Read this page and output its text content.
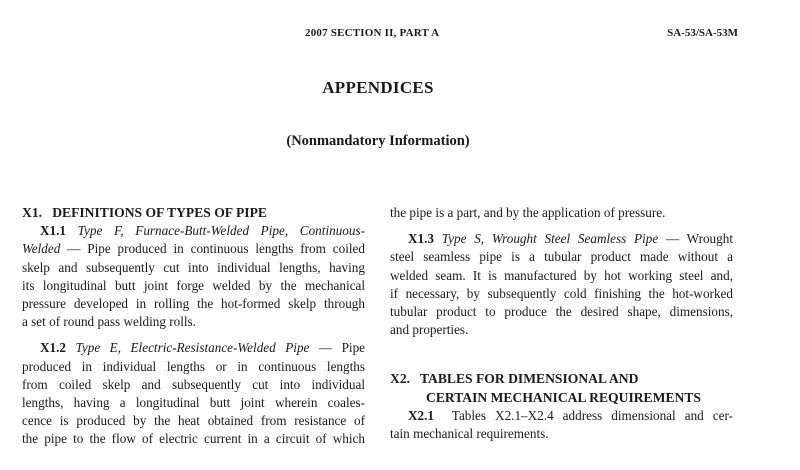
2007 SECTION II, PART A	SA-53/SA-53M
APPENDICES
(Nonmandatory Information)
X1.   DEFINITIONS OF TYPES OF PIPE
X1.1 Type F, Furnace-Butt-Welded Pipe, Continuous-
Welded — Pipe produced in continuous lengths from coiled
skelp and subsequently cut into individual lengths, having
its longitudinal butt joint forge welded by the mechanical
pressure developed in rolling the hot-formed skelp through
a set of round pass welding rolls.
X1.2 Type E, Electric-Resistance-Welded Pipe — Pipe
produced in individual lengths or in continuous lengths
from coiled skelp and subsequently cut into individual
lengths, having a longitudinal butt joint wherein coales-
cence is produced by the heat obtained from resistance of
the pipe to the flow of electric current in a circuit of which
the pipe is a part, and by the application of pressure.
X1.3 Type S, Wrought Steel Seamless Pipe — Wrought
steel seamless pipe is a tubular product made without a
welded seam. It is manufactured by hot working steel and,
if necessary, by subsequently cold finishing the hot-worked
tubular product to produce the desired shape, dimensions,
and properties.
X2.   TABLES FOR DIMENSIONAL AND
CERTAIN MECHANICAL REQUIREMENTS
X2.1  Tables X2.1–X2.4 address dimensional and cer-
tain mechanical requirements.
